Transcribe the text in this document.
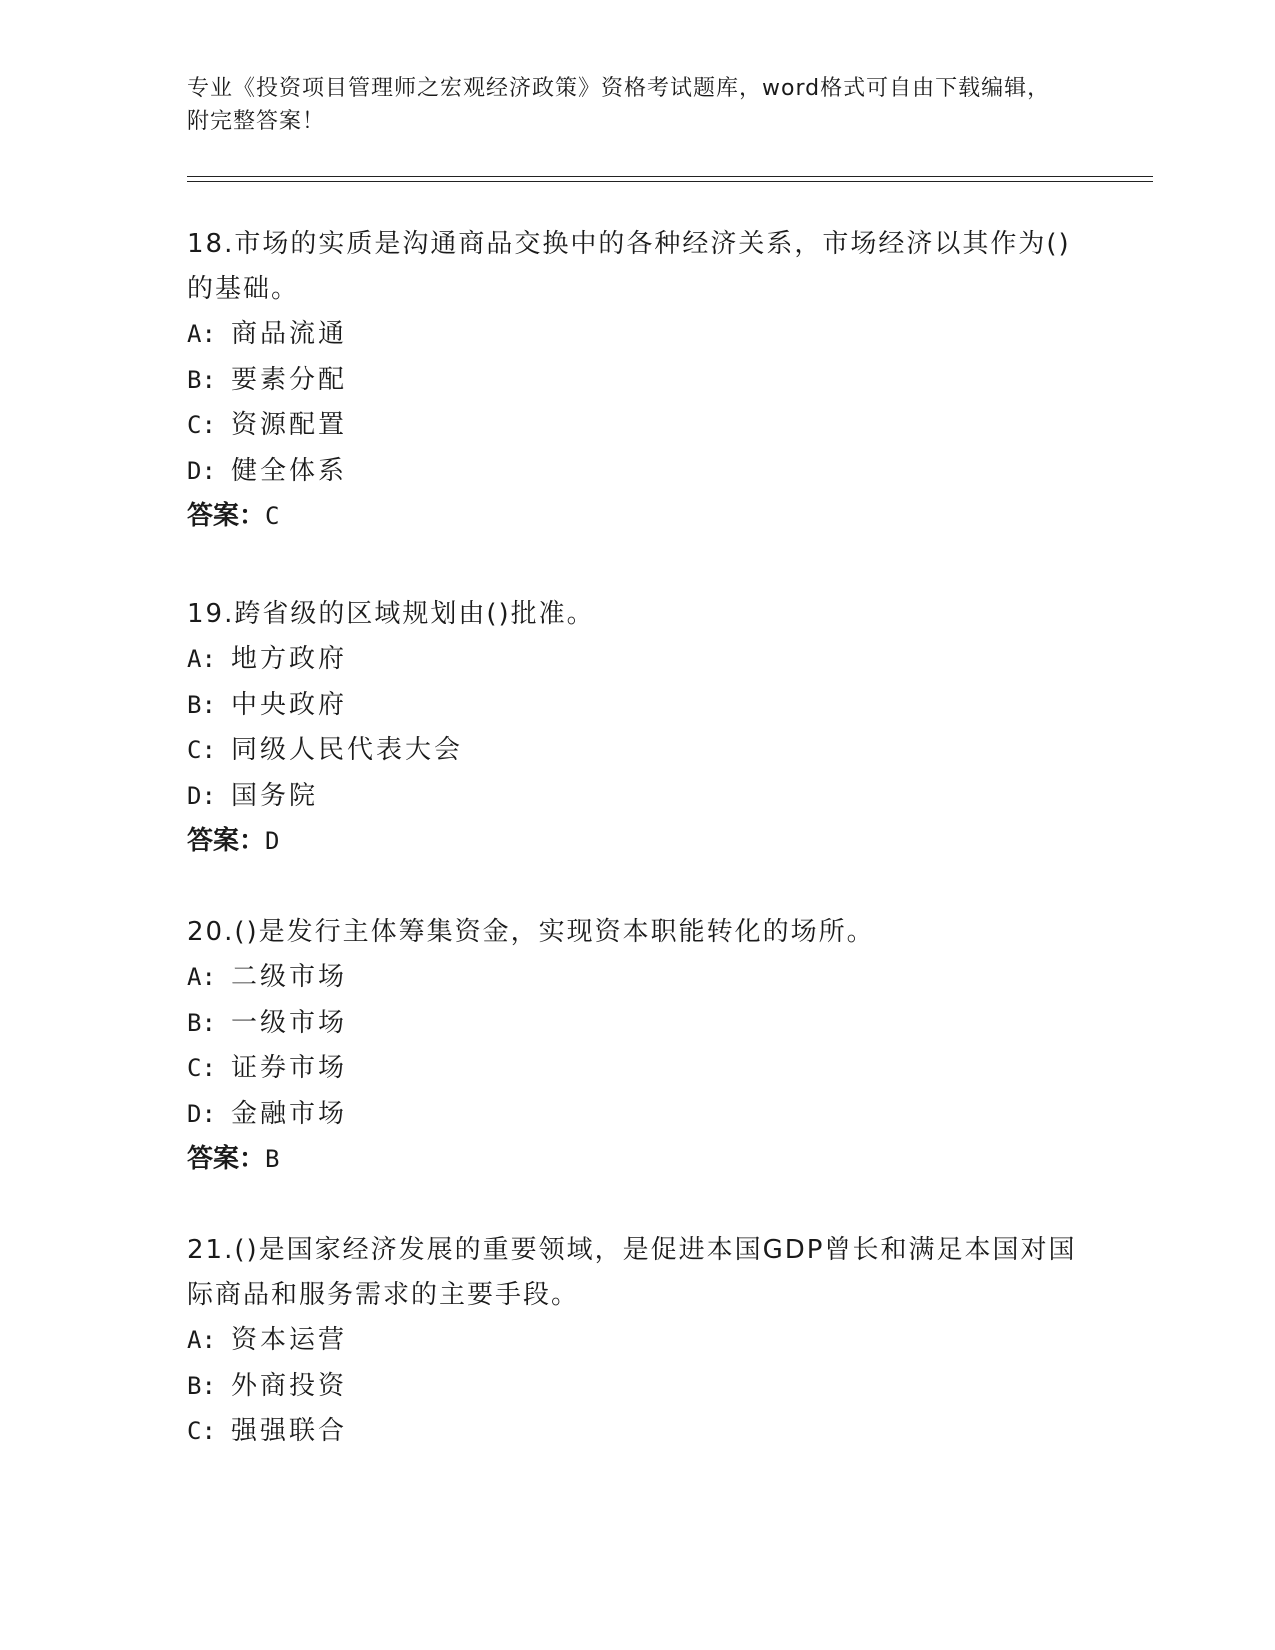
专业《投资项目管理师之宏观经济政策》资格考试题库，word格式可自由下载编辑，附完整答案！

18.市场的实质是沟通商品交换中的各种经济关系，市场经济以其作为()的基础。

A: 商品流通

B: 要素分配

C: 资源配置

D: 健全体系

答案：C

19.跨省级的区域规划由()批准。

A: 地方政府

B: 中央政府

C: 同级人民代表大会

D: 国务院

答案：D

20.()是发行主体筹集资金，实现资本职能转化的场所。

A: 二级市场

B: 一级市场

C: 证券市场

D: 金融市场

答案：B

21.()是国家经济发展的重要领域，是促进本国GDP曾长和满足本国对国际商品和服务需求的主要手段。

A: 资本运营

B: 外商投资

C: 强强联合
